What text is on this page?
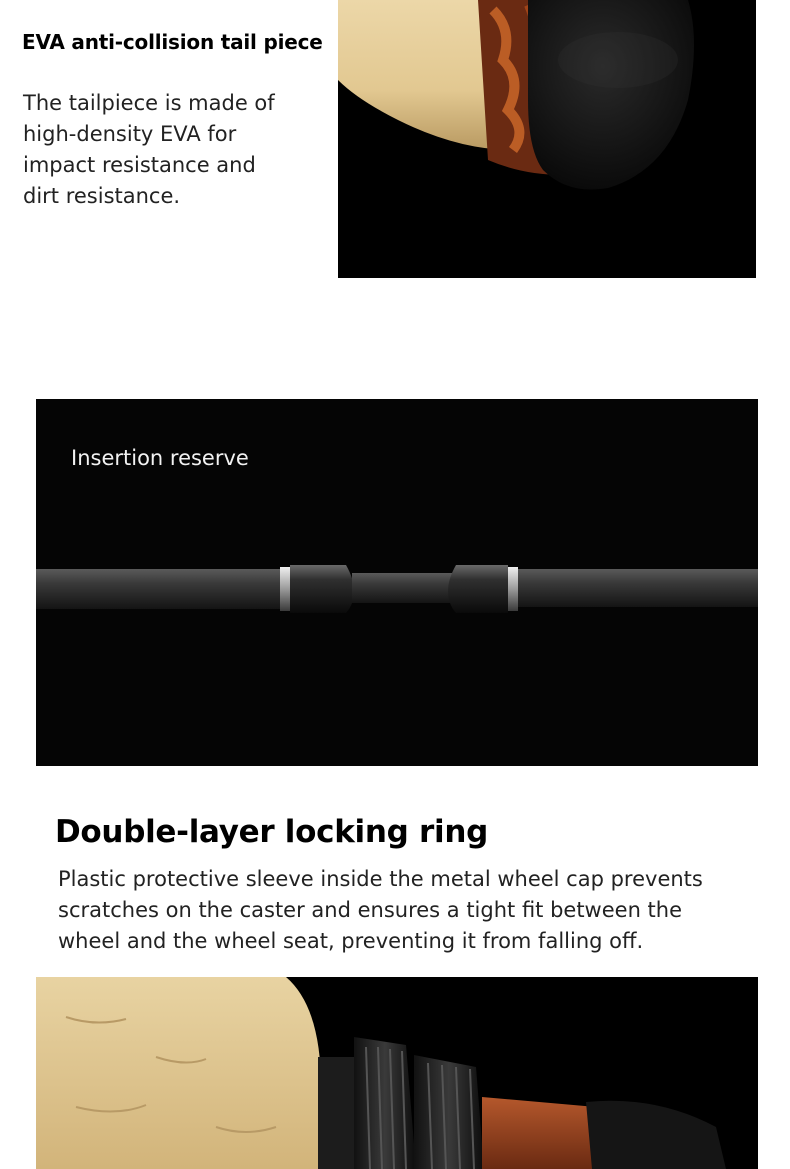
EVA anti-collision tail piece
The tailpiece is made of
high-density EVA for
impact resistance and
dirt resistance.
Insertion reserve
Double-layer locking ring
Plastic protective sleeve inside the metal wheel cap prevents
scratches on the caster and ensures a tight fit between the
wheel and the wheel seat, preventing it from falling off.
